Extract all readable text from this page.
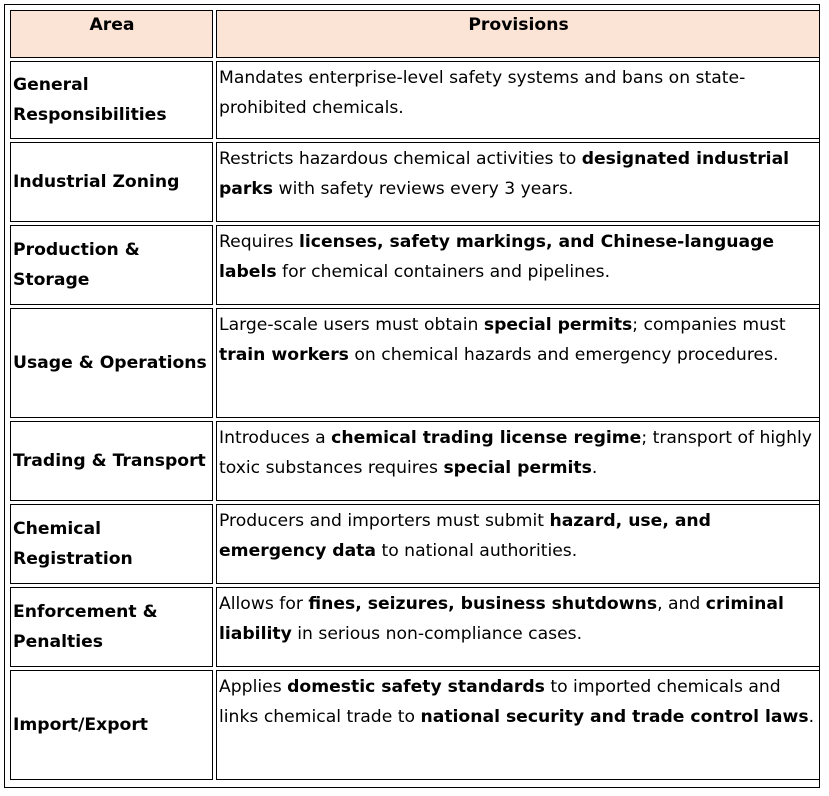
Area	Provisions
General Responsibilities	Mandates enterprise-level safety systems and bans on state-prohibited chemicals.
Industrial Zoning	Restricts hazardous chemical activities to designated industrial parks with safety reviews every 3 years.
Production & Storage	Requires licenses, safety markings, and Chinese-language labels for chemical containers and pipelines.
Usage & Operations	Large-scale users must obtain special permits; companies must train workers on chemical hazards and emergency procedures.
Trading & Transport	Introduces a chemical trading license regime; transport of highly toxic substances requires special permits.
Chemical Registration	Producers and importers must submit hazard, use, and emergency data to national authorities.
Enforcement & Penalties	Allows for fines, seizures, business shutdowns, and criminal liability in serious non-compliance cases.
Import/Export	Applies domestic safety standards to imported chemicals and links chemical trade to national security and trade control laws.
